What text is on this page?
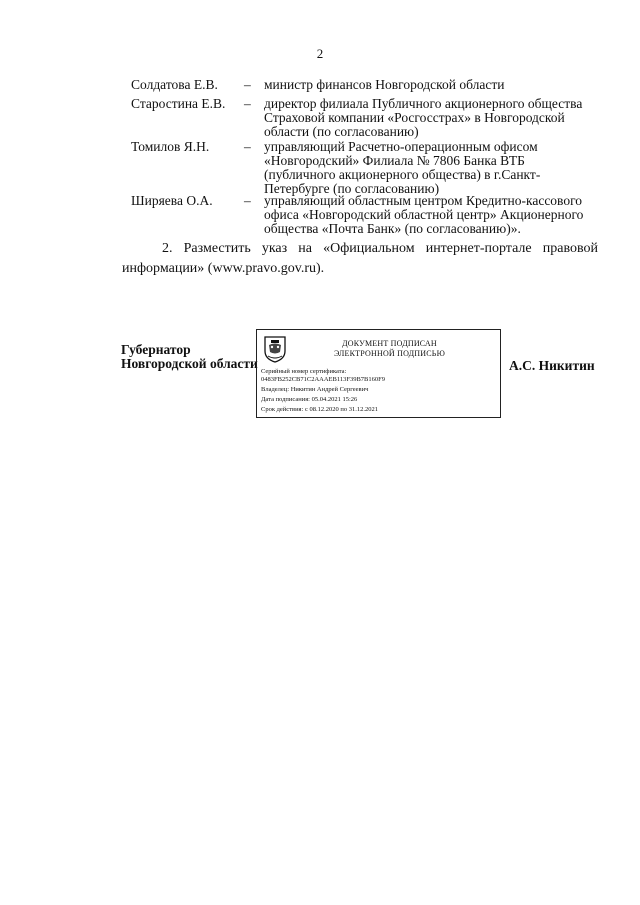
2
Солдатова Е.В. – министр финансов Новгородской области
Старостина Е.В. – директор филиала Публичного акционерного общества Страховой компании «Росгосстрах» в Новгородской области (по согласованию)
Томилов Я.Н.	– управляющий Расчетно-операционным офисом «Новгородский» Филиала № 7806 Банка ВТБ (публичного акционерного общества) в г.Санкт-Петербурге (по согласованию)
Ширяева О.А. – управляющий областным центром Кредитно-кассового офиса «Новгородский областной центр» Акционерного общества «Почта Банк» (по согласованию)».
2. Разместить указ на «Официальном интернет-портале правовой информации» (www.pravo.gov.ru).
Губернатор
Новгородской области
ДОКУМЕНТ ПОДПИСАН
ЭЛЕКТРОННОЙ ПОДПИСЬЮ
Серийный номер сертификата:
0483FB252CB71C2AAAEB113F39B7B160F9
Владелец: Никитин Андрей Сергеевич
Дата подписания: 05.04.2021 15:26
Срок действия: с 08.12.2020 по 31.12.2021
А.С. Никитин
